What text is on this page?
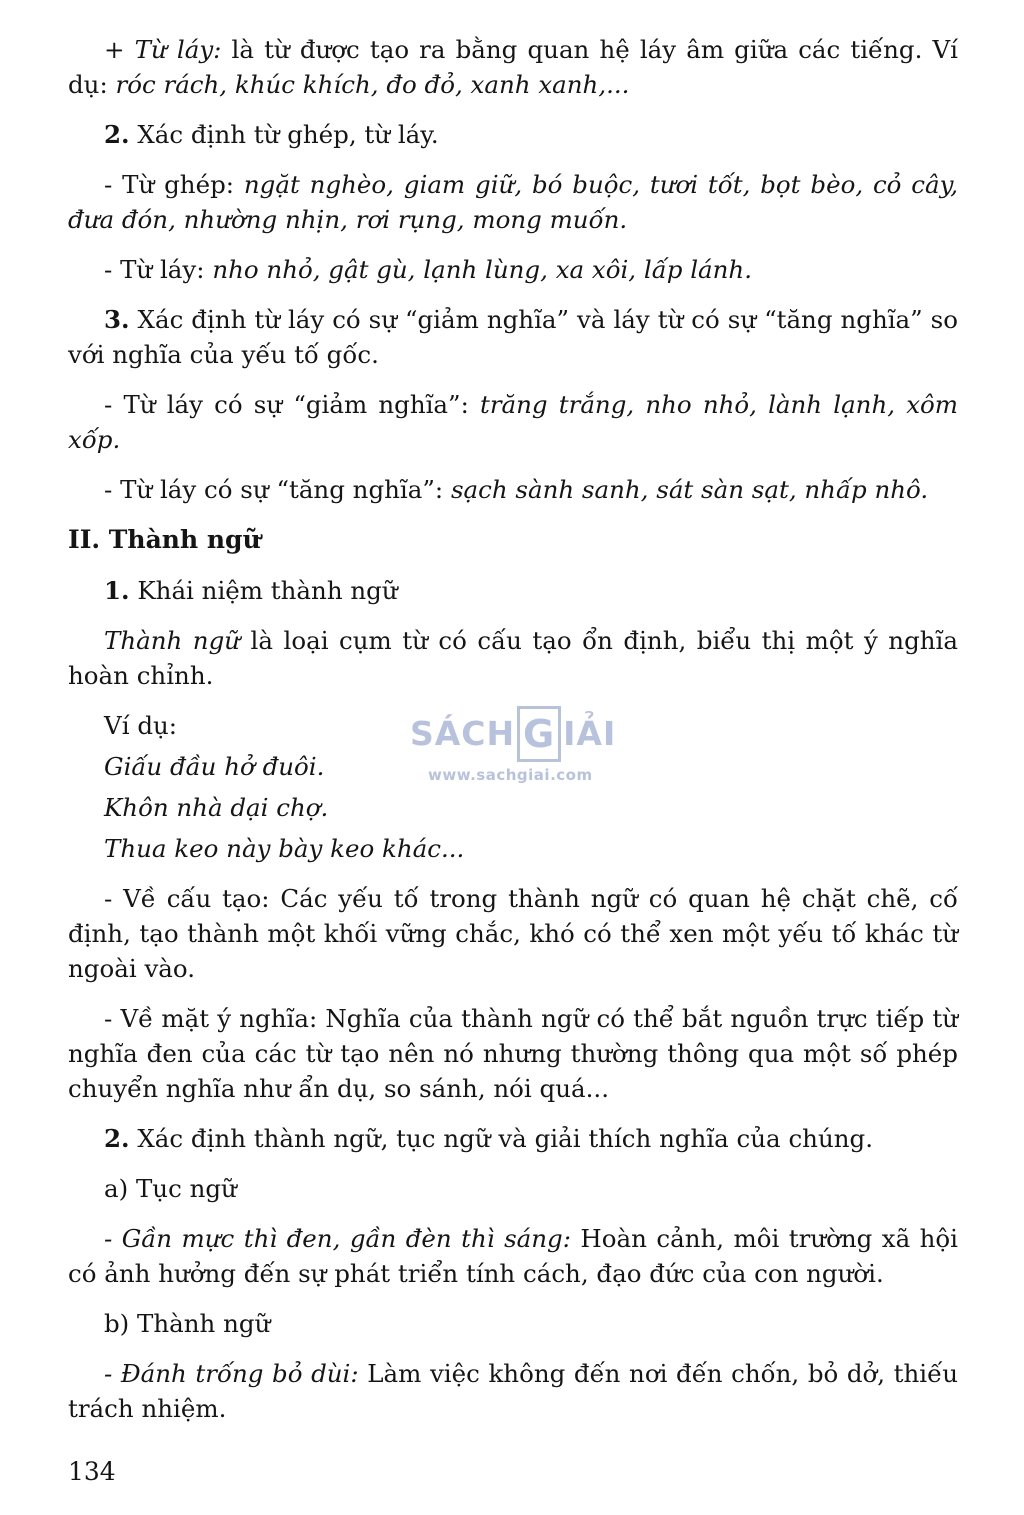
+ Từ láy: là từ được tạo ra bằng quan hệ láy âm giữa các tiếng. Ví dụ: róc rách, khúc khích, đo đỏ, xanh xanh,...

2. Xác định từ ghép, từ láy.

- Từ ghép: ngặt nghèo, giam giữ, bó buộc, tươi tốt, bọt bèo, cỏ cây, đưa đón, nhường nhịn, rơi rụng, mong muốn.

- Từ láy: nho nhỏ, gật gù, lạnh lùng, xa xôi, lấp lánh.

3. Xác định từ láy có sự “giảm nghĩa” và láy từ có sự “tăng nghĩa” so với nghĩa của yếu tố gốc.

- Từ láy có sự “giảm nghĩa”: trăng trắng, nho nhỏ, lành lạnh, xôm xốp.

- Từ láy có sự “tăng nghĩa”: sạch sành sanh, sát sàn sạt, nhấp nhô.

II. Thành ngữ

1. Khái niệm thành ngữ

Thành ngữ là loại cụm từ có cấu tạo ổn định, biểu thị một ý nghĩa hoàn chỉnh.

Ví dụ:

Giấu đầu hở đuôi.

Khôn nhà dại chợ.

Thua keo này bày keo khác...

- Về cấu tạo: Các yếu tố trong thành ngữ có quan hệ chặt chẽ, cố định, tạo thành một khối vững chắc, khó có thể xen một yếu tố khác từ ngoài vào.

- Về mặt ý nghĩa: Nghĩa của thành ngữ có thể bắt nguồn trực tiếp từ nghĩa đen của các từ tạo nên nó nhưng thường thông qua một số phép chuyển nghĩa như ẩn dụ, so sánh, nói quá...

2. Xác định thành ngữ, tục ngữ và giải thích nghĩa của chúng.

a) Tục ngữ

- Gần mực thì đen, gần đèn thì sáng: Hoàn cảnh, môi trường xã hội có ảnh hưởng đến sự phát triển tính cách, đạo đức của con người.

b) Thành ngữ

- Đánh trống bỏ dùi: Làm việc không đến nơi đến chốn, bỏ dở, thiếu trách nhiệm.

SÁCH G IẢI
www.sachgiai.com
134
